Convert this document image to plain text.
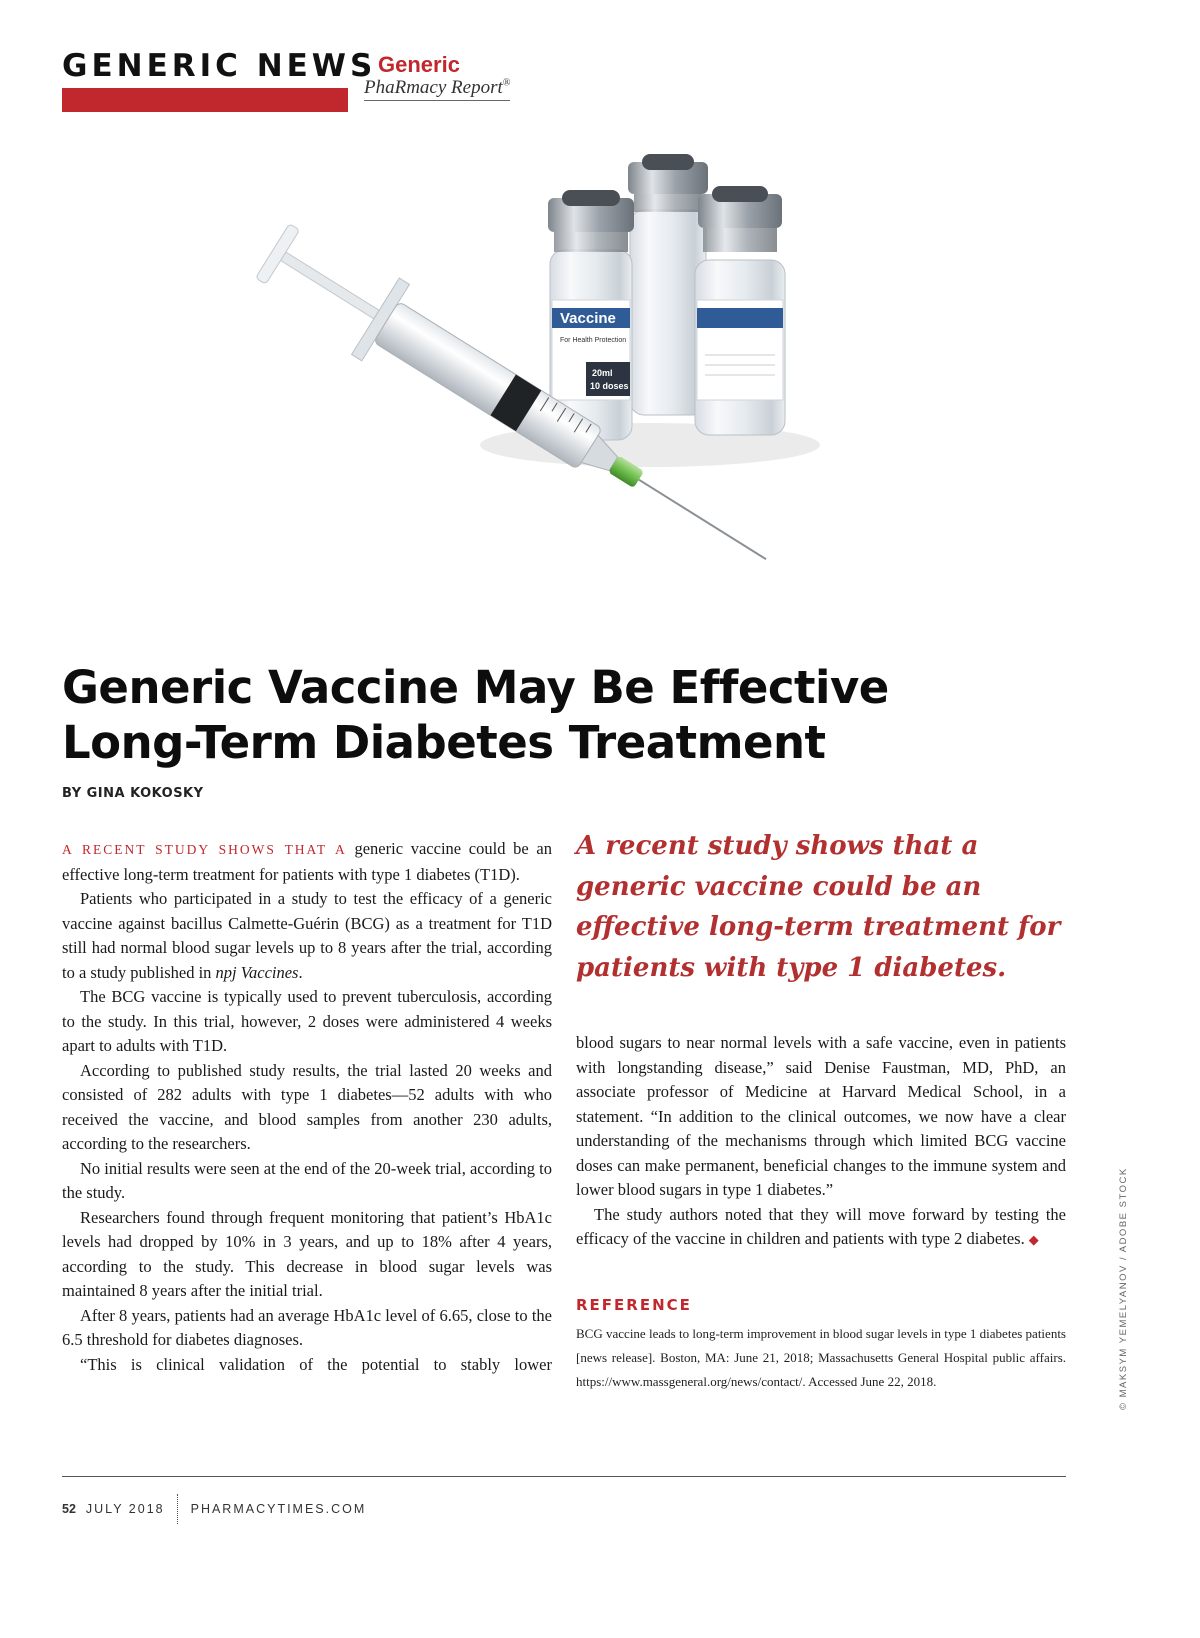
GENERIC NEWS Generic
PhaRmacy Report®
Vaccine
For Health Protection
20ml
10 doses
Generic Vaccine May Be Effective
Long-Term Diabetes Treatment
BY GINA KOKOSKY

A RECENT STUDY SHOWS THAT A generic vaccine could be an effective long-term treatment for patients with type 1 diabetes (T1D).

Patients who participated in a study to test the efficacy of a generic vaccine against bacillus Calmette-Guérin (BCG) as a treatment for T1D still had normal blood sugar levels up to 8 years after the trial, according to a study published in npj Vaccines.

The BCG vaccine is typically used to prevent tuberculosis, according to the study. In this trial, however, 2 doses were administered 4 weeks apart to adults with T1D.

According to published study results, the trial lasted 20 weeks and consisted of 282 adults with type 1 diabetes—52 adults with who received the vaccine, and blood samples from another 230 adults, according to the researchers.

No initial results were seen at the end of the 20-week trial, according to the study.

Researchers found through frequent monitoring that patient’s HbA1c levels had dropped by 10% in 3 years, and up to 18% after 4 years, according to the study. This decrease in blood sugar levels was maintained 8 years after the initial trial.

After 8 years, patients had an average HbA1c level of 6.65, close to the 6.5 threshold for diabetes diagnoses.

“This is clinical validation of the potential to stably lower

A recent study shows that a generic vaccine could be an effective long-term treatment for patients with type 1 diabetes.

blood sugars to near normal levels with a safe vaccine, even in patients with longstanding disease,” said Denise Faustman, MD, PhD, an associate professor of Medicine at Harvard Medical School, in a statement. “In addition to the clinical outcomes, we now have a clear understanding of the mechanisms through which limited BCG vaccine doses can make permanent, beneficial changes to the immune system and lower blood sugars in type 1 diabetes.”

The study authors noted that they will move forward by testing the efficacy of the vaccine in children and patients with type 2 diabetes. ◆

REFERENCE
BCG vaccine leads to long-term improvement in blood sugar levels in type 1 diabetes patients [news release]. Boston, MA: June 21, 2018; Massachusetts General Hospital public affairs. https://www.massgeneral.org/news/contact/. Accessed June 22, 2018.	© MAKSYM YEMELYANOV / ADOBE STOCK
52 JULY 2018 PHARMACYTIMES.COM
